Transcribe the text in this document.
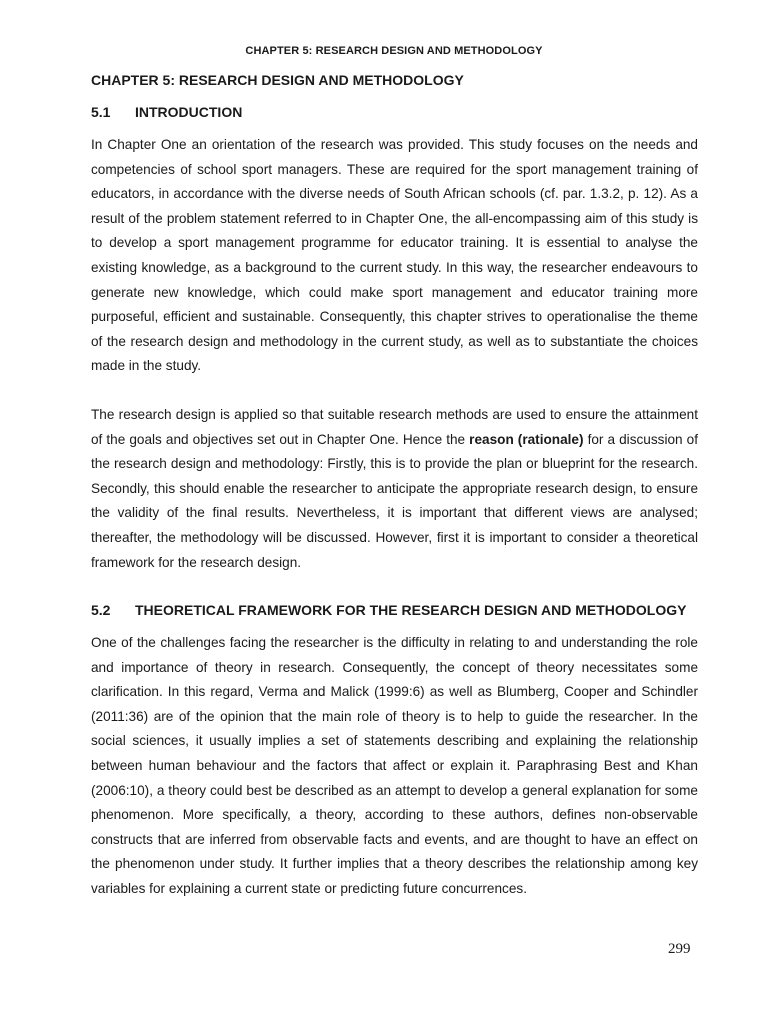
CHAPTER 5: RESEARCH DESIGN AND METHODOLOGY
CHAPTER 5: RESEARCH DESIGN AND METHODOLOGY
5.1 INTRODUCTION

In Chapter One an orientation of the research was provided. This study focuses on the needs and competencies of school sport managers. These are required for the sport management training of educators, in accordance with the diverse needs of South African schools (cf. par. 1.3.2, p. 12). As a result of the problem statement referred to in Chapter One, the all-encompassing aim of this study is to develop a sport management programme for educator training. It is essential to analyse the existing knowledge, as a background to the current study. In this way, the researcher endeavours to generate new knowledge, which could make sport management and educator training more purposeful, efficient and sustainable. Consequently, this chapter strives to operationalise the theme of the research design and methodology in the current study, as well as to substantiate the choices made in the study.

The research design is applied so that suitable research methods are used to ensure the attainment of the goals and objectives set out in Chapter One. Hence the reason (rationale) for a discussion of the research design and methodology: Firstly, this is to provide the plan or blueprint for the research. Secondly, this should enable the researcher to anticipate the appropriate research design, to ensure the validity of the final results. Nevertheless, it is important that different views are analysed; thereafter, the methodology will be discussed. However, first it is important to consider a theoretical framework for the research design.

5.2 THEORETICAL FRAMEWORK FOR THE RESEARCH DESIGN AND METHODOLOGY

One of the challenges facing the researcher is the difficulty in relating to and understanding the role and importance of theory in research. Consequently, the concept of theory necessitates some clarification. In this regard, Verma and Malick (1999:6) as well as Blumberg, Cooper and Schindler (2011:36) are of the opinion that the main role of theory is to help to guide the researcher. In the social sciences, it usually implies a set of statements describing and explaining the relationship between human behaviour and the factors that affect or explain it. Paraphrasing Best and Khan (2006:10), a theory could best be described as an attempt to develop a general explanation for some phenomenon. More specifically, a theory, according to these authors, defines non-observable constructs that are inferred from observable facts and events, and are thought to have an effect on the phenomenon under study. It further implies that a theory describes the relationship among key variables for explaining a current state or predicting future concurrences.

299
